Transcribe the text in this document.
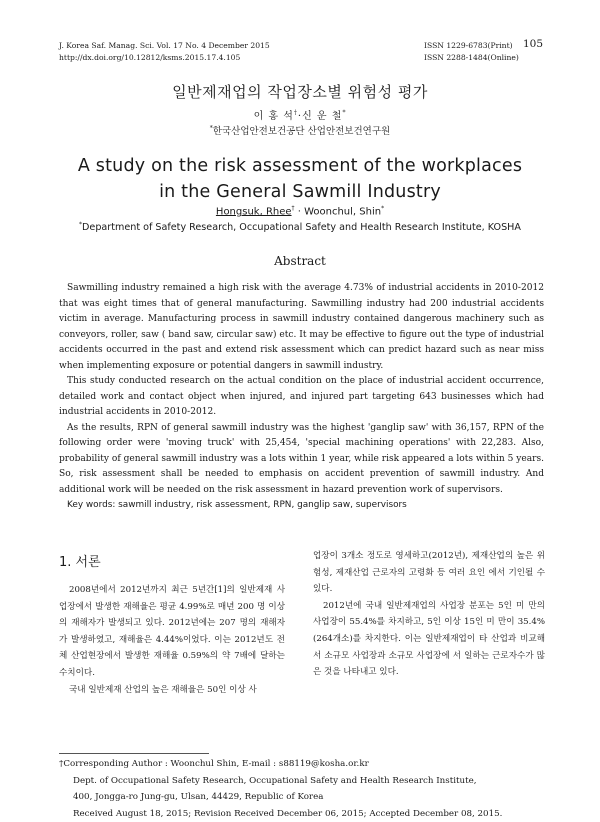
J. Korea Saf. Manag. Sci. Vol. 17 No. 4 December 2015
http://dx.doi.org/10.12812/ksms.2015.17.4.105
ISSN 1229-6783(Print)
ISSN 2288-1484(Online)
105
일반제재업의 작업장소별 위험성 평가
이 홍 석†·신 운 철*
*한국산업안전보건공단 산업안전보건연구원
A study on the risk assessment of the workplaces
in the General Sawmill Industry
Hongsuk, Rhee† · Woonchul, Shin*
*Department of Safety Research, Occupational Safety and Health Research Institute, KOSHA
Abstract

Sawmilling industry remained a high risk with the average 4.73% of industrial accidents in 2010-2012 that was eight times that of general manufacturing. Sawmilling industry had 200 industrial accidents victim in average. Manufacturing process in sawmill industry contained dangerous machinery such as conveyors, roller, saw ( band saw, circular saw) etc. It may be effective to figure out the type of industrial accidents occurred in the past and extend risk assessment which can predict hazard such as near miss when implementing exposure or potential dangers in sawmill industry.

This study conducted research on the actual condition on the place of industrial accident occurrence, detailed work and contact object when injured, and injured part targeting 643 businesses which had industrial accidents in 2010-2012.

As the results, RPN of general sawmill industry was the highest 'ganglip saw' with 36,157, RPN of the following order were 'moving truck' with 25,454, 'special machining operations' with 22,283. Also, probability of general sawmill industry was a lots within 1 year, while risk appeared a lots within 5 years. So, risk assessment shall be needed to emphasis on accident prevention of sawmill industry. And additional work will be needed on the risk assessment in hazard prevention work of supervisors.

Key words: sawmill industry, risk assessment, RPN, ganglip saw, supervisors

1. 서론

2008년에서 2012년까지 최근 5년간[1]의 일반제재 사업장에서 발생한 재해율은 평균 4.99%로 매년 200 명 이상의 재해자가 발생되고 있다. 2012년에는 207 명의 재해자가 발생하였고, 재해율은 4.44%이었다. 이는 2012년도 전체 산업현장에서 발생한 재해율 0.59%의 약 7배에 달하는 수치이다.

국내 일반제재 산업의 높은 재해율은 50인 이상 사

업장이 3개소 정도로 영세하고(2012년), 제재산업의 높은 위험성, 제재산업 근로자의 고령화 등 여러 요인 에서 기인될 수 있다.

2012년에 국내 일반제재업의 사업장 분포는 5인 미 만의 사업장이 55.4%를 차지하고, 5인 이상 15인 미 만이 35.4%(264개소)를 차지한다. 이는 일반제재업이 타 산업과 비교해서 소규모 사업장과 소규모 사업장에 서 일하는 근로자수가 많은 것을 나타내고 있다.

†Corresponding Author : Woonchul Shin, E-mail : s88119@kosha.or.kr

Dept. of Occupational Safety Research, Occupational Safety and Health Research Institute,

400, Jongga-ro Jung-gu, Ulsan, 44429, Republic of Korea

Received August 18, 2015; Revision Received December 06, 2015; Accepted December 08, 2015.
